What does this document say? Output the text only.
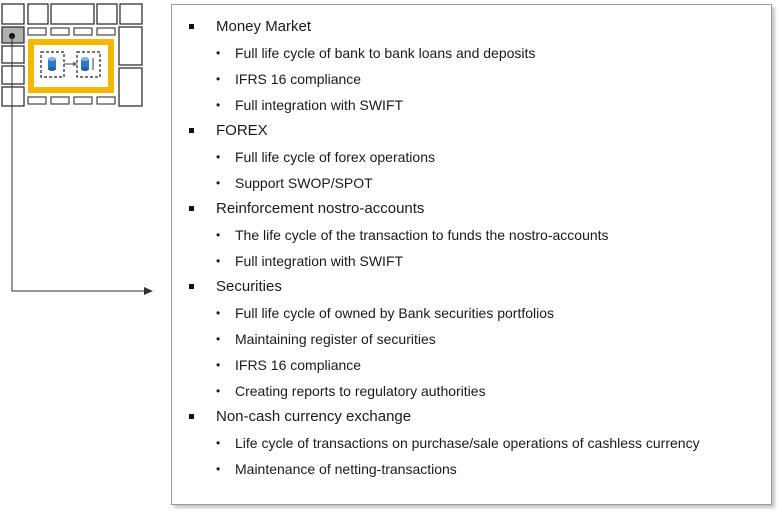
Money Market
• Full life cycle of bank to bank loans and deposits
• IFRS 16 compliance
• Full integration with SWIFT
FOREX
• Full life cycle of forex operations
• Support SWOP/SPOT
Reinforcement nostro-accounts
• The life cycle of the transaction to funds the nostro-accounts
• Full integration with SWIFT
Securities
• Full life cycle of owned by Bank securities portfolios
• Maintaining register of securities
• IFRS 16 compliance
• Creating reports to regulatory authorities
Non-cash currency exchange
• Life cycle of transactions on purchase/sale operations of cashless currency
• Maintenance of netting-transactions
